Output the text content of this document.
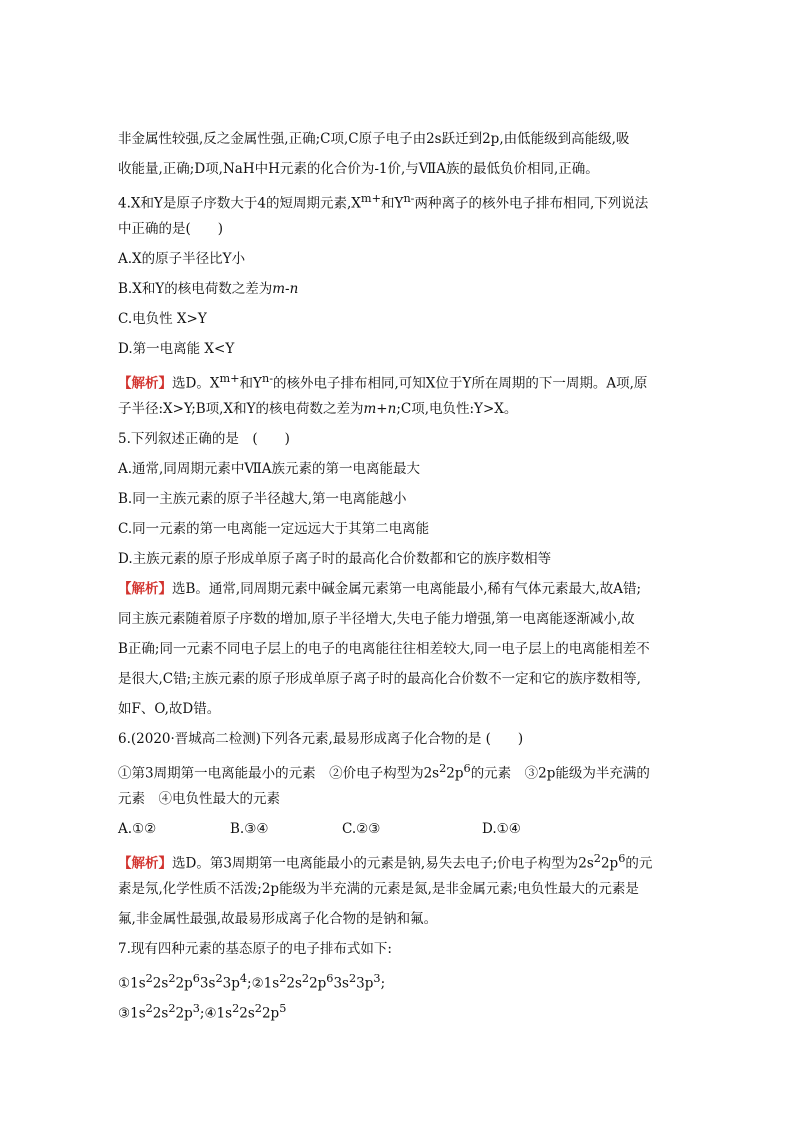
非金属性较强,反之金属性强,正确;C项,C原子电子由2s跃迁到2p,由低能级到高能级,吸
收能量,正确;D项,NaH中H元素的化合价为-1价,与ⅦA族的最低负价相同,正确。
4.X和Y是原子序数大于4的短周期元素$,X^{m+}$和$Y^{n-}$两种离子的核外电子排布相同,下列说法
中正确的是(　　)
A.X的原子半径比Y小
B.X和Y的核电荷数之差为m-n
C.电负性 X>Y
D.第一电离能 X<Y
【解析】选D。$X^{m+}$和$Y^{n-}$的核外电子排布相同,可知X位于Y所在周期的下一周期。A项,原
子半径:X>Y;B项,X和Y的核电荷数之差为m+n;C项,电负性:Y>X。
5.下列叙述正确的是　(　　)
A.通常,同周期元素中ⅦA族元素的第一电离能最大
B.同一主族元素的原子半径越大,第一电离能越小
C.同一元素的第一电离能一定远远大于其第二电离能
D.主族元素的原子形成单原子离子时的最高化合价数都和它的族序数相等
【解析】选B。通常,同周期元素中碱金属元素第一电离能最小,稀有气体元素最大,故A错;
同主族元素随着原子序数的增加,原子半径增大,失电子能力增强,第一电离能逐渐减小,故
B正确;同一元素不同电子层上的电子的电离能往往相差较大,同一电子层上的电离能相差不
是很大,C错;主族元素的原子形成单原子离子时的最高化合价数不一定和它的族序数相等,
如F、O,故D错。
6.(2020·晋城高二检测)下列各元素,最易形成离子化合物的是 (　　)
①第3周期第一电离能最小的元素　②价电子构型为$2s^22p^6$的元素　③2p能级为半充满的
元素　④电负性最大的元素
A.①②	B.③④	C.②③	D.①④
【解析】选D。第3周期第一电离能最小的元素是钠,易失去电子;价电子构型为$2s^22p^6$的元
素是氖,化学性质不活泼;2p能级为半充满的元素是氮,是非金属元素;电负性最大的元素是
氟,非金属性最强,故最易形成离子化合物的是钠和氟。
7.现有四种元素的基态原子的电子排布式如下:
$①1s^22s^22p^63s^23p^4;②1s^22s^22p^63s^23p^3$;
$③1s^22s^22p^3;④1s^22s^22p^5$
